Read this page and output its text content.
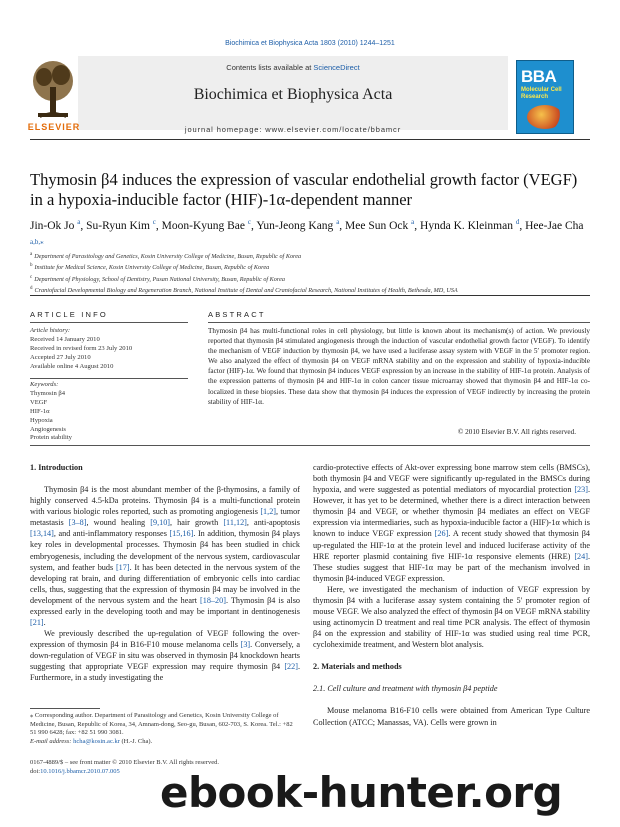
Biochimica et Biophysica Acta 1803 (2010) 1244–1251
Contents lists available at ScienceDirect
Biochimica et Biophysica Acta
journal homepage: www.elsevier.com/locate/bbamcr
ELSEVIER
BBA
Molecular Cell Research
Thymosin β4 induces the expression of vascular endothelial growth factor (VEGF) in a hypoxia-inducible factor (HIF)-1α-dependent manner
Jin-Ok Jo $^a$, Su-Ryun Kim $^c$, Moon-Kyung Bae $^c$, Yun-Jeong Kang $^a$, Mee Sun Ock $^a$, Hynda K. Kleinman $^d$, Hee-Jae Cha $^{a,b,⁎}$
$^a$ Department of Parasitology and Genetics, Kosin University College of Medicine, Busan, Republic of Korea
$^b$ Institute for Medical Science, Kosin University College of Medicine, Busan, Republic of Korea
$^c$ Department of Physiology, School of Dentistry, Pusan National University, Busan, Republic of Korea
$^d$ Craniofacial Developmental Biology and Regeneration Branch, National Institute of Dental and Craniofacial Research, National Institutes of Health, Bethesda, MD, USA
ARTICLE INFO
Article history:
Received 14 January 2010
Received in revised form 23 July 2010
Accepted 27 July 2010
Available online 4 August 2010
Keywords:
Thymosin β4
VEGF
HIF-1α
Hypoxia
Angiogenesis
Protein stability
ABSTRACT
Thymosin β4 has multi-functional roles in cell physiology, but little is known about its mechanism(s) of action. We previously reported that thymosin β4 stimulated angiogenesis through the induction of vascular endothelial growth factor (VEGF). To identify the mechanism of VEGF induction by thymosin β4, we have used a luciferase assay system with VEGF in the 5′ promoter region. We also analyzed the effect of thymosin β4 on VEGF mRNA stability and on the expression and stability of hypoxia-inducible factor (HIF)-1α. We found that thymosin β4 induces VEGF expression by an increase in the stability of HIF-1α protein. Analysis of the expression patterns of thymosin β4 and HIF-1α in colon cancer tissue microarray showed that thymosin β4 and HIF-1α co-localized in these biopsies. These data show that thymosin β4 induces the expression of VEGF indirectly by increasing the protein stability of HIF-1α.
© 2010 Elsevier B.V. All rights reserved.
1. Introduction

Thymosin β4 is the most abundant member of the β-thymosins, a family of highly conserved 4.5-kDa proteins. Thymosin β4 is a multi-functional protein with various biologic roles reported, such as promoting angiogenesis [1,2], tumor metastasis [3–8], wound healing [9,10], hair growth [11,12], anti-apoptosis [13,14], and anti-inflammatory responses [15,16]. In addition, thymosin β4 plays key roles in developmental processes. Thymosin β4 has been studied in chick embryogenesis, including the development of the nervous system, cardiovascular system, and feather buds [17]. It has been detected in the nervous system of the developing rat brain, and during differentiation of embryonic cells into cardiac cells, thus, suggesting that the expression of thymosin β4 may be involved in the development of the nervous system and the heart [18–20]. Thymosin β4 is also expressed early in the developing tooth and may be important in dentinogenesis [21].

We previously described the up-regulation of VEGF following the over-expression of thymosin β4 in B16-F10 mouse melanoma cells [3]. Conversely, a down-regulation of VEGF in situ was observed in thymosin β4 knockdown hearts suggesting that appropriate VEGF expression may require thymosin β4 [22]. Furthermore, in a study investigating the

cardio-protective effects of Akt-over expressing bone marrow stem cells (BMSCs), both thymosin β4 and VEGF were significantly up-regulated in the BMSCs during hypoxia, and were suggested as potential mediators of myocardial protection [23]. However, it has yet to be determined, whether there is a direct interaction between thymosin β4 and VEGF, or whether thymosin β4 mediates an effect on VEGF expression via intermediaries, such as hypoxia-inducible factor a (HIF)-1α which is known to induce VEGF expression [26]. A recent study showed that thymosin β4 up-regulated the HIF-1α at the protein level and induced luciferase activity of the HRE reporter plasmid containing five HIF-1α responsive elements (HRE) [24]. These studies suggest that HIF-1α may be part of the mechanism involved in thymosin β4-induced VEGF expression.

Here, we investigated the mechanism of induction of VEGF expression by thymosin β4 with a luciferase assay system containing the 5′ promoter region of mouse VEGF. We also analyzed the effect of thymosin β4 on VEGF mRNA stability using actinomycin D treatment and real time PCR analysis. The effect of thymosin β4 on the expression and stability of HIF-1α was studied using real time PCR, cycloheximide treatment, and Western blot analysis.

2. Materials and methods
2.1. Cell culture and treatment with thymosin β4 peptide

Mouse melanoma B16-F10 cells were obtained from American Type Culture Collection (ATCC; Manassas, VA). Cells were grown in

⁎ Corresponding author. Department of Parasitology and Genetics, Kosin University College of Medicine, Busan, Republic of Korea, 34, Amnam-dong, Seo-gu, Busan, 602-703, S. Korea. Tel.: +82 51 990 6428; fax: +82 51 990 3081.
E-mail address: hcha@kosin.ac.kr (H.-J. Cha).
0167-4889/$ – see front matter © 2010 Elsevier B.V. All rights reserved.
doi:10.1016/j.bbamcr.2010.07.005 ebook-hunter.org
